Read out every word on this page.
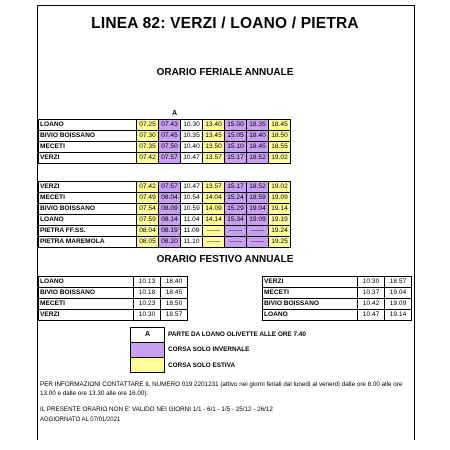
LINEA 82: VERZI / LOANO / PIETRA
ORARIO FERIALE ANNUALE
A
LOANO	07.25	07.43	10.30	13.40	15.00	18.35	18.45
BIVIO BOISSANO	07.30	07.45	10.35	13.45	15.05	18.40	18.50
MECETI	07.35	07.50	10.40	13.50	15.10	18.45	18.55
VERZI	07.42	07.57	10.47	13.57	15.17	18.52	19.02
VERZI	07.42	07.57	10.47	13.57	15.17	18.52	19.02
MECETI	07.49	08.04	10.54	14.04	15.24	18.59	19.09
BIVIO BOISSANO	07.54	08.09	10.59	14.09	15.29	19.04	19.14
LOANO	07.59	08.14	11.04	14.14	15.34	19.09	19.19
PIETRA FF.SS.	08.04	08.19	11.09	------	------	------	19.24
PIETRA MAREMOLA	08.05	08.20	11.10	------	------	------	19.25
ORARIO FESTIVO ANNUALE
LOANO	10.13	18.40
BIVIO BOISSANO	10.18	18.45
MECETI	10.23	18.50
VERZI	10.30	18.57
VERZI	10.30	18.57
MECETI	10.37	19.04
BIVIO BOISSANO	10.42	19.09
LOANO	10.47	19.14
A	PARTE DA LOANO OLIVETTE ALLE ORE 7.40
CORSA SOLO INVERNALE
CORSA SOLO ESTIVA
PER INFORMAZIONI CONTATTARE IL NUMERO 019 2201231 (attivo nei giorni feriali dal lunedì al venerdì dalle ore 8.00 alle ore 13.00 e dalle ore 13.30 alle ore 16.00).
IL PRESENTE ORARIO NON E' VALIDO NEI GIORNI 1/1 - 6/1 - 1/5 - 25/12 - 26/12
AGGIORNATO AL 07/01/2021
